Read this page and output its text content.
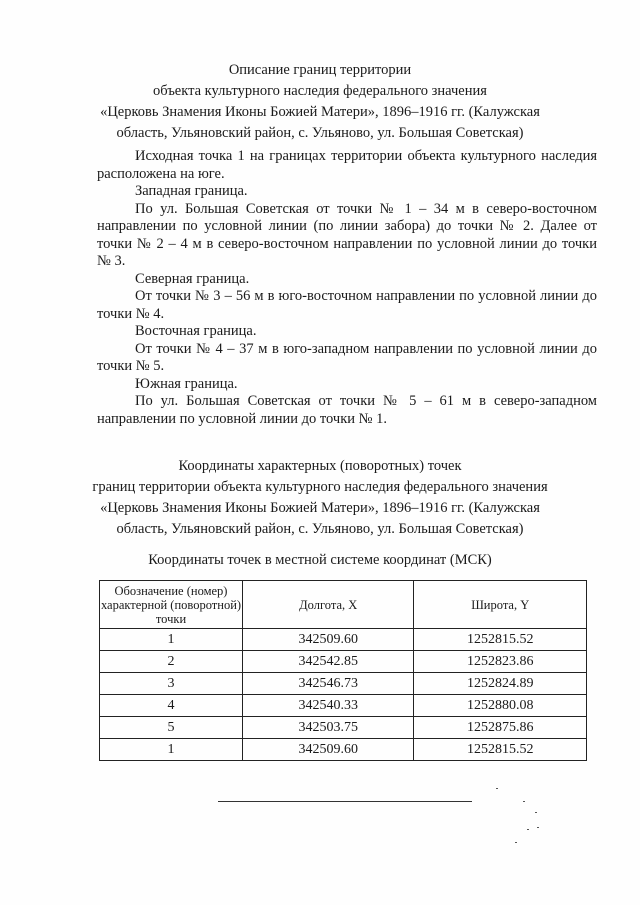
Описание границ территории
объекта культурного наследия федерального значения
«Церковь Знамения Иконы Божией Матери», 1896–1916 гг. (Калужская
область, Ульяновский район, с. Ульяново, ул. Большая Советская)

Исходная точка 1 на границах территории объекта культурного наследия расположена на юге.

Западная граница.

По ул. Большая Советская от точки № 1 – 34 м в северо-восточном направлении по условной линии (по линии забора) до точки № 2. Далее от точки № 2 – 4 м в северо-восточном направлении по условной линии до точки № 3.

Северная граница.

От точки № 3 – 56 м в юго-восточном направлении по условной линии до точки № 4.

Восточная граница.

От точки № 4 – 37 м в юго-западном направлении по условной линии до точки № 5.

Южная граница.

По ул. Большая Советская от точки № 5 – 61 м в северо-западном направлении по условной линии до точки № 1.

Координаты характерных (поворотных) точек
границ территории объекта культурного наследия федерального значения
«Церковь Знамения Иконы Божией Матери», 1896–1916 гг. (Калужская
область, Ульяновский район, с. Ульяново, ул. Большая Советская)
Координаты точек в местной системе координат (МСК)
Обозначение (номер) характерной (поворотной) точки	Долгота, X	Широта, Y
1	342509.60	1252815.52
2	342542.85	1252823.86
3	342546.73	1252824.89
4	342540.33	1252880.08
5	342503.75	1252875.86
1	342509.60	1252815.52
